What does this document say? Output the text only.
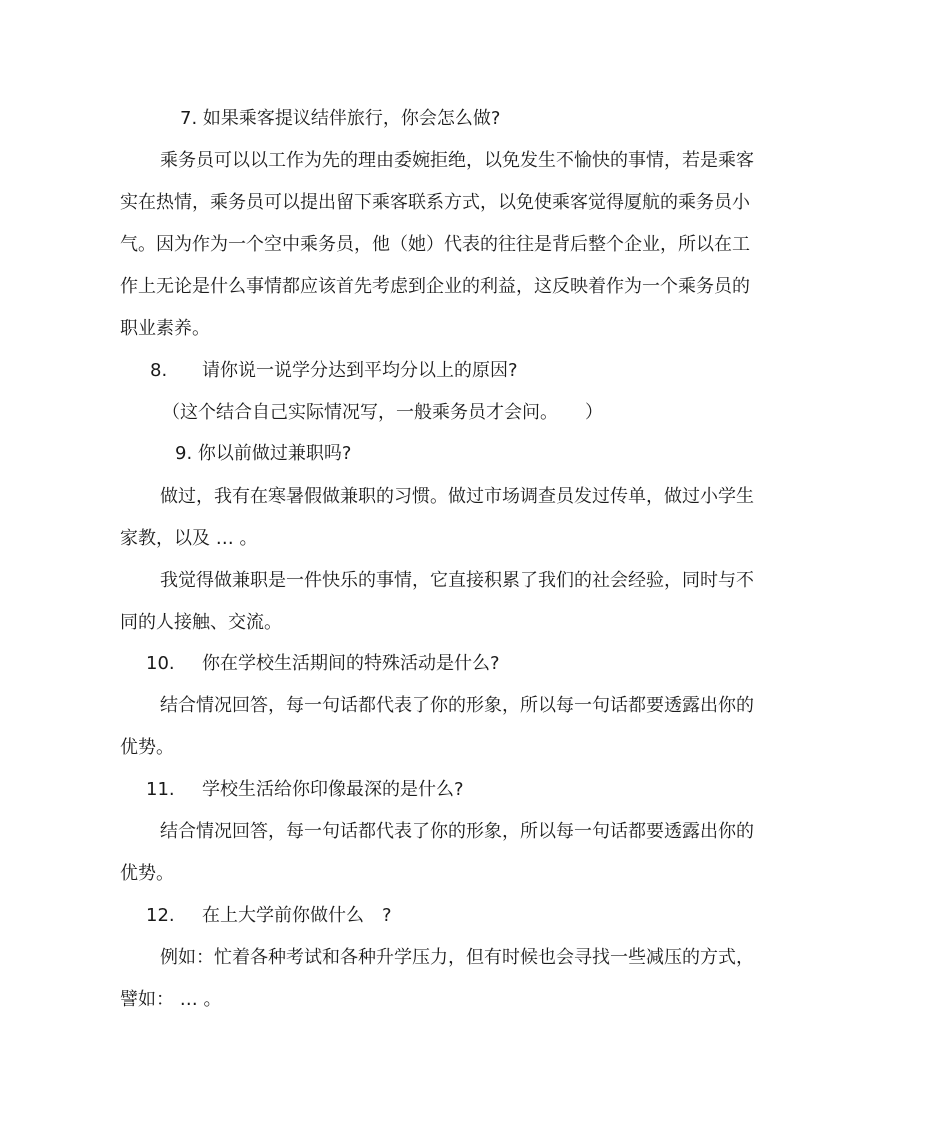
7. 如果乘客提议结伴旅行，你会怎么做?

乘务员可以以工作为先的理由委婉拒绝，以免发生不愉快的事情，若是乘客

实在热情，乘务员可以提出留下乘客联系方式，以免使乘客觉得厦航的乘务员小

气。因为作为一个空中乘务员，他（她）代表的往往是背后整个企业，所以在工

作上无论是什么事情都应该首先考虑到企业的利益，这反映着作为一个乘务员的

职业素养。

8. 请你说一说学分达到平均分以上的原因?

（这个结合自己实际情况写，一般乘务员才会问。　　）

9. 你以前做过兼职吗?

做过，我有在寒暑假做兼职的习惯。做过市场调查员发过传单，做过小学生

家教，以及 … 。

我觉得做兼职是一件快乐的事情，它直接积累了我们的社会经验，同时与不

同的人接触、交流。

10. 你在学校生活期间的特殊活动是什么?

结合情况回答，每一句话都代表了你的形象，所以每一句话都要透露出你的

优势。

11. 学校生活给你印像最深的是什么?

结合情况回答，每一句话都代表了你的形象，所以每一句话都要透露出你的

优势。

12. 在上大学前你做什么　?

例如：忙着各种考试和各种升学压力，但有时候也会寻找一些减压的方式，

譬如： … 。
